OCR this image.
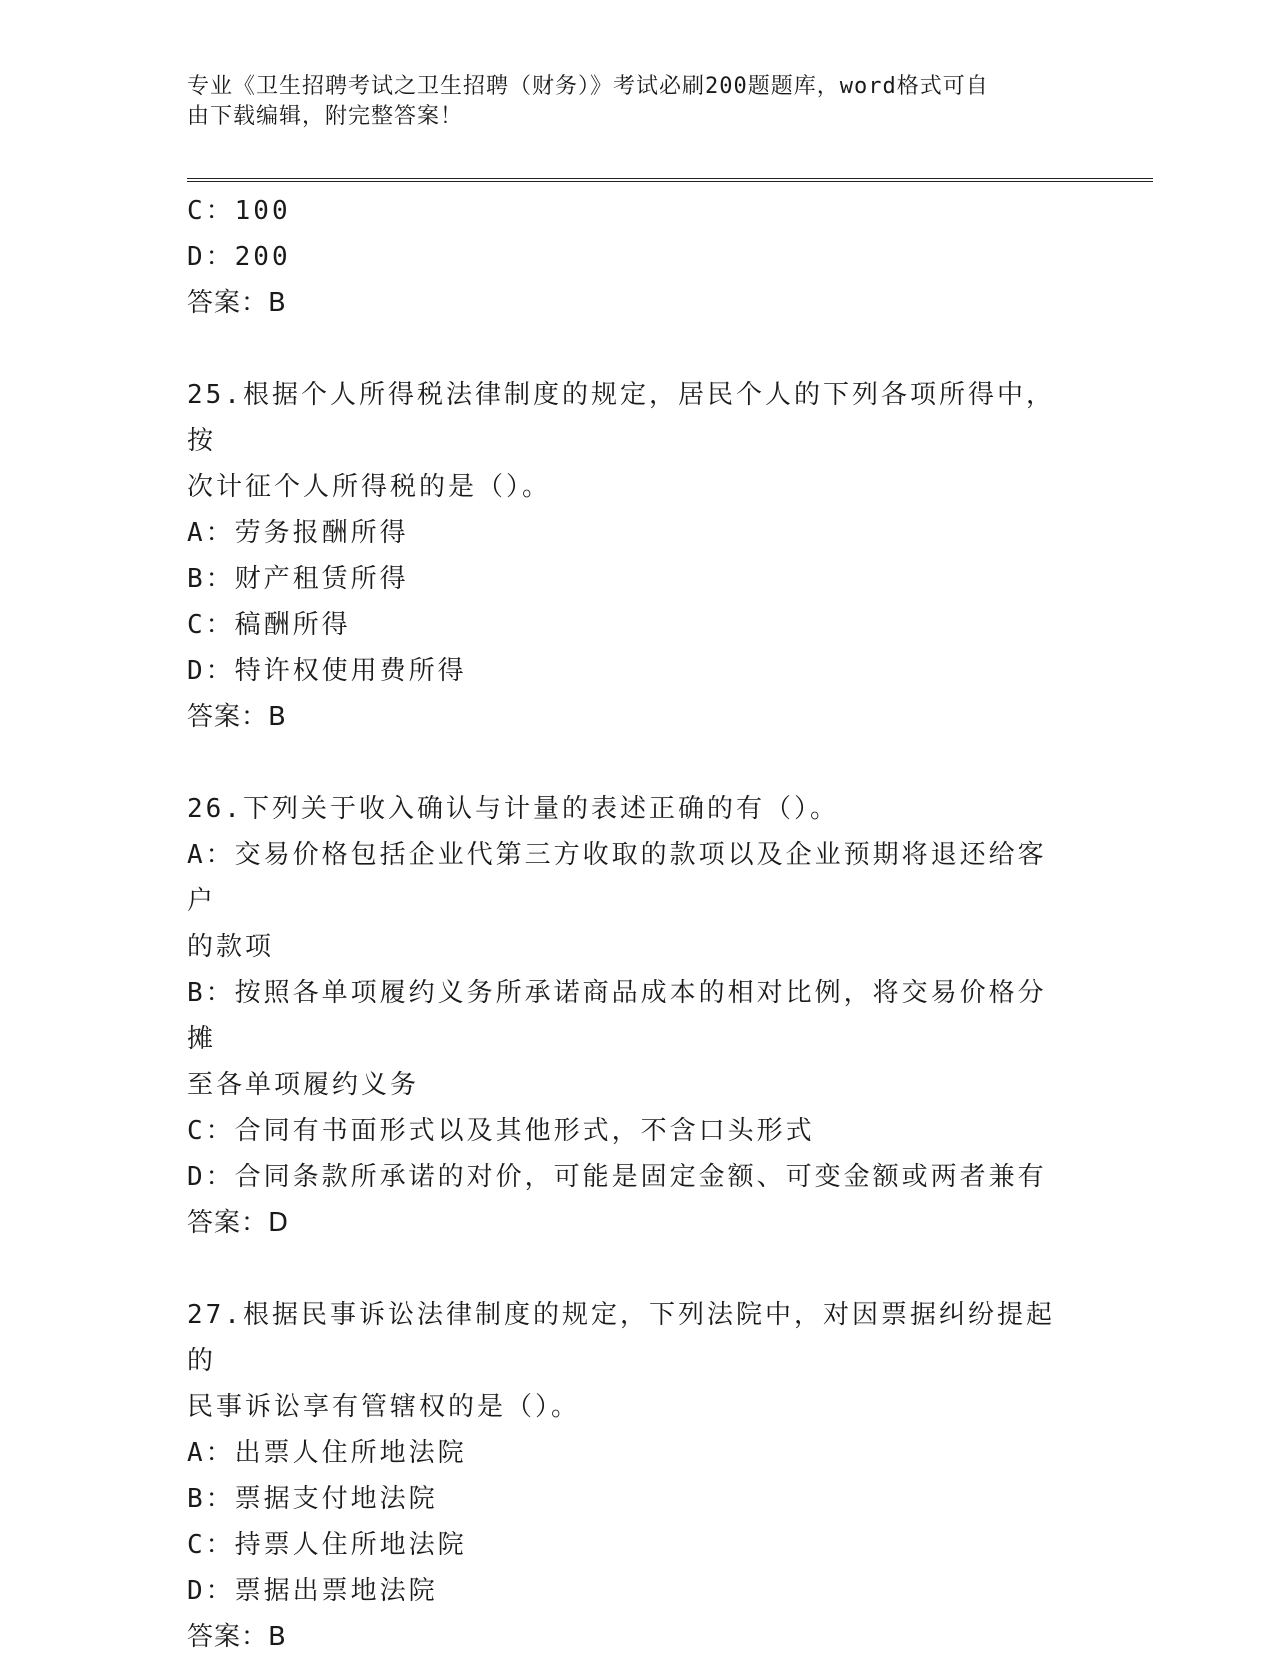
专业《卫生招聘考试之卫生招聘（财务）》考试必刷200题题库，word格式可自
由下载编辑，附完整答案！
C：100
D：200
答案：B
25.根据个人所得税法律制度的规定，居民个人的下列各项所得中，按
次计征个人所得税的是（）。
A：劳务报酬所得
B：财产租赁所得
C：稿酬所得
D：特许权使用费所得
答案：B
26.下列关于收入确认与计量的表述正确的有（）。
A：交易价格包括企业代第三方收取的款项以及企业预期将退还给客户
的款项
B：按照各单项履约义务所承诺商品成本的相对比例，将交易价格分摊
至各单项履约义务
C：合同有书面形式以及其他形式，不含口头形式
D：合同条款所承诺的对价，可能是固定金额、可变金额或两者兼有
答案：D
27.根据民事诉讼法律制度的规定，下列法院中，对因票据纠纷提起的
民事诉讼享有管辖权的是（）。
A：出票人住所地法院
B：票据支付地法院
C：持票人住所地法院
D：票据出票地法院
答案：B
